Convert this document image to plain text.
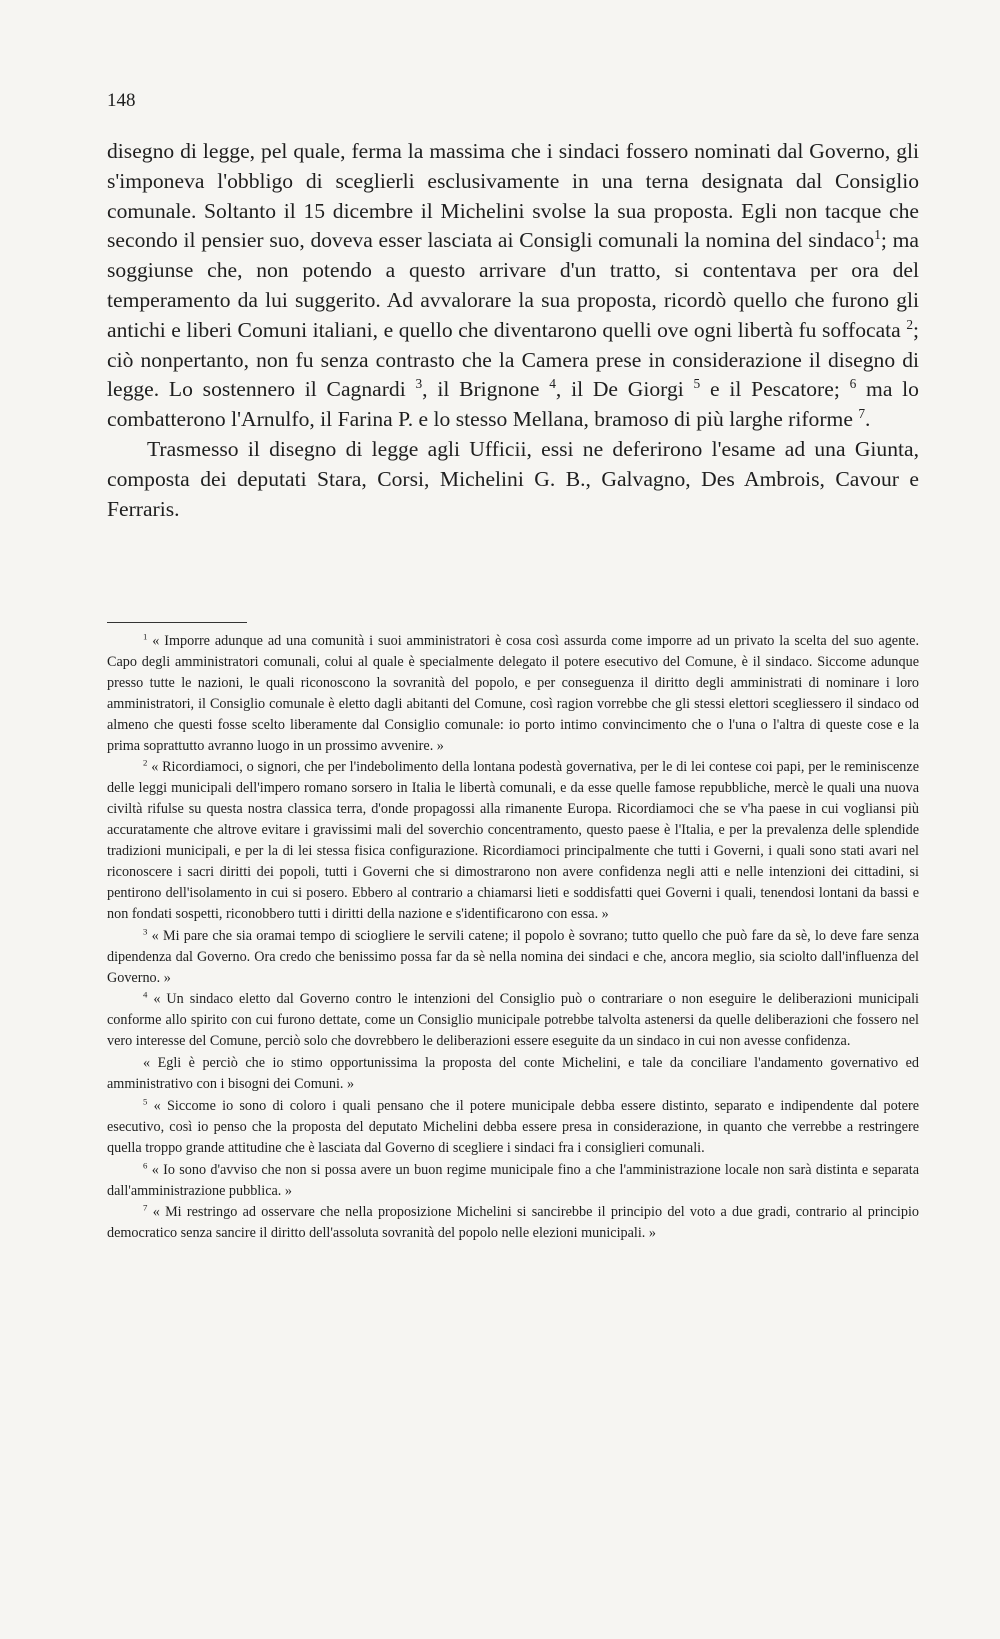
148

disegno di legge, pel quale, ferma la massima che i sindaci fossero nominati dal Governo, gli s'imponeva l'obbligo di sceglierli esclusivamente in una terna designata dal Consiglio comunale. Soltanto il 15 dicembre il Michelini svolse la sua proposta. Egli non tacque che secondo il pensier suo, doveva esser lasciata ai Consigli comunali la nomina del sindaco$^1$; ma soggiunse che, non potendo a questo arrivare d'un tratto, si contentava per ora del temperamento da lui suggerito. Ad avvalorare la sua proposta, ricordò quello che furono gli antichi e liberi Comuni italiani, e quello che diventarono quelli ove ogni libertà fu soffocata $^2$; ciò nonpertanto, non fu senza contrasto che la Camera prese in considerazione il disegno di legge. Lo sostennero il Cagnardi $^3$, il Brignone $^4$, il De Giorgi $^5$ e il Pescatore; $^6$ ma lo combatterono l'Arnulfo, il Farina P. e lo stesso Mellana, bramoso di più larghe riforme $^7$.

Trasmesso il disegno di legge agli Ufficii, essi ne deferirono l'esame ad una Giunta, composta dei deputati Stara, Corsi, Michelini G. B., Galvagno, Des Ambrois, Cavour e Ferraris.

$^1$ « Imporre adunque ad una comunità i suoi amministratori è cosa così assurda come imporre ad un privato la scelta del suo agente. Capo degli amministratori comunali, colui al quale è specialmente delegato il potere esecutivo del Comune, è il sindaco. Siccome adunque presso tutte le nazioni, le quali riconoscono la sovranità del popolo, e per conseguenza il diritto degli amministrati di nominare i loro amministratori, il Consiglio comunale è eletto dagli abitanti del Comune, così ragion vorrebbe che gli stessi elettori scegliessero il sindaco od almeno che questi fosse scelto liberamente dal Consiglio comunale: io porto intimo convincimento che o l'una o l'altra di queste cose e la prima soprattutto avranno luogo in un prossimo avvenire. »

$^2$ « Ricordiamoci, o signori, che per l'indebolimento della lontana podestà governativa, per le di lei contese coi papi, per le reminiscenze delle leggi municipali dell'impero romano sorsero in Italia le libertà comunali, e da esse quelle famose repubbliche, mercè le quali una nuova civiltà rifulse su questa nostra classica terra, d'onde propagossi alla rimanente Europa. Ricordiamoci che se v'ha paese in cui vogliansi più accuratamente che altrove evitare i gravissimi mali del soverchio concentramento, questo paese è l'Italia, e per la prevalenza delle splendide tradizioni municipali, e per la di lei stessa fisica configurazione. Ricordiamoci principalmente che tutti i Governi, i quali sono stati avari nel riconoscere i sacri diritti dei popoli, tutti i Governi che si dimostrarono non avere confidenza negli atti e nelle intenzioni dei cittadini, si pentirono dell'isolamento in cui si posero. Ebbero al contrario a chiamarsi lieti e soddisfatti quei Governi i quali, tenendosi lontani da bassi e non fondati sospetti, riconobbero tutti i diritti della nazione e s'identificarono con essa. »

$^3$ « Mi pare che sia oramai tempo di sciogliere le servili catene; il popolo è sovrano; tutto quello che può fare da sè, lo deve fare senza dipendenza dal Governo. Ora credo che benissimo possa far da sè nella nomina dei sindaci e che, ancora meglio, sia sciolto dall'influenza del Governo. »

$^4$ « Un sindaco eletto dal Governo contro le intenzioni del Consiglio può o contrariare o non eseguire le deliberazioni municipali conforme allo spirito con cui furono dettate, come un Consiglio municipale potrebbe talvolta astenersi da quelle deliberazioni che fossero nel vero interesse del Comune, perciò solo che dovrebbero le deliberazioni essere eseguite da un sindaco in cui non avesse confidenza.

« Egli è perciò che io stimo opportunissima la proposta del conte Michelini, e tale da conciliare l'andamento governativo ed amministrativo con i bisogni dei Comuni. »

$^5$ « Siccome io sono di coloro i quali pensano che il potere municipale debba essere distinto, separato e indipendente dal potere esecutivo, così io penso che la proposta del deputato Michelini debba essere presa in considerazione, in quanto che verrebbe a restringere quella troppo grande attitudine che è lasciata dal Governo di scegliere i sindaci fra i consiglieri comunali.

$^6$ « Io sono d'avviso che non si possa avere un buon regime municipale fino a che l'amministrazione locale non sarà distinta e separata dall'amministrazione pubblica. »

$^7$ « Mi restringo ad osservare che nella proposizione Michelini si sancirebbe il principio del voto a due gradi, contrario al principio democratico senza sancire il diritto dell'assoluta sovranità del popolo nelle elezioni municipali. »
